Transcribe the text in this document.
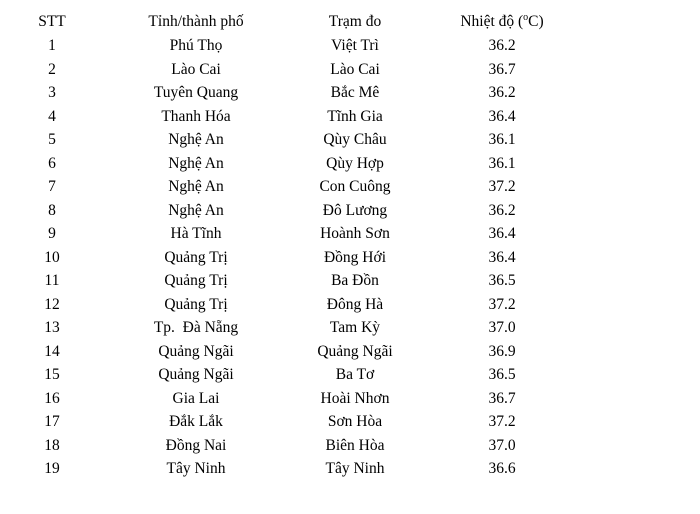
STT	Tỉnh/thành phố	Trạm đo	Nhiệt độ ($^o$C)
1	Phú Thọ	Việt Trì	36.2
2	Lào Cai	Lào Cai	36.7
3	Tuyên Quang	Bắc Mê	36.2
4	Thanh Hóa	Tĩnh Gia	36.4
5	Nghệ An	Qùy Châu	36.1
6	Nghệ An	Qùy Hợp	36.1
7	Nghệ An	Con Cuông	37.2
8	Nghệ An	Đô Lương	36.2
9	Hà Tĩnh	Hoành Sơn	36.4
10	Quảng Trị	Đồng Hới	36.4
11	Quảng Trị	Ba Đồn	36.5
12	Quảng Trị	Đông Hà	37.2
13	Tp.  Đà Nẵng	Tam Kỳ	37.0
14	Quảng Ngãi	Quảng Ngãi	36.9
15	Quảng Ngãi	Ba Tơ	36.5
16	Gia Lai	Hoài Nhơn	36.7
17	Đắk Lắk	Sơn Hòa	37.2
18	Đồng Nai	Biên Hòa	37.0
19	Tây Ninh	Tây Ninh	36.6
